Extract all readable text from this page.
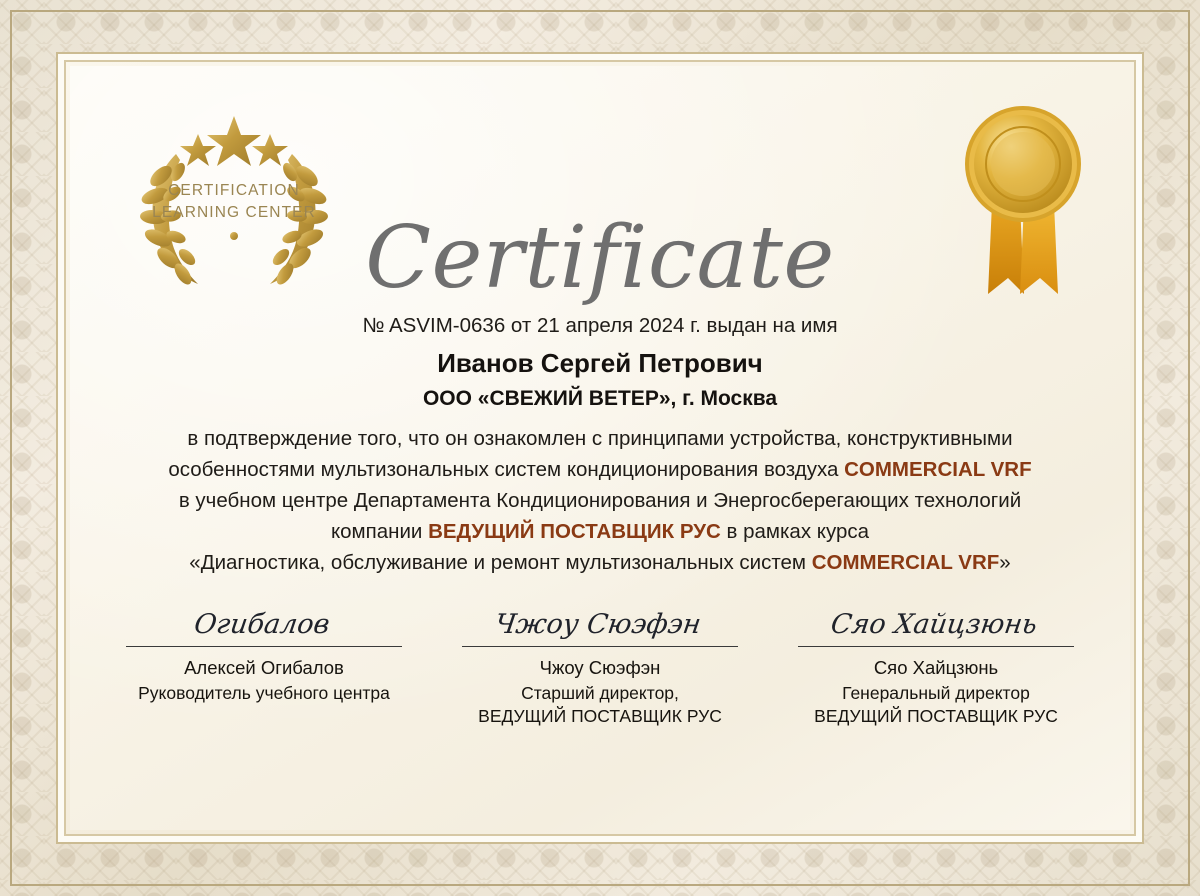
CERTIFICATION
LEARNING CENTER Certificate
№ ASVIM-0636 от 21 апреля 2024 г. выдан на имя
Иванов Сергей Петрович
ООО «СВЕЖИЙ ВЕТЕР», г. Москва
в подтверждение того, что он ознакомлен с принципами устройства, конструктивными
особенностями мультизональных систем кондиционирования воздуха COMMERCIAL VRF
в учебном центре Департамента Кондиционирования и Энергосберегающих технологий
компании ВЕДУЩИЙ ПОСТАВЩИК РУС в рамках курса
«Диагностика, обслуживание и ремонт мультизональных систем COMMERCIAL VRF»
Огибалов
Алексей Огибалов
Руководитель учебного центра
Чжоу Сюэфэн
Чжоу Сюэфэн
Старший директор,
ВЕДУЩИЙ ПОСТАВЩИК РУС
Сяо Хайцзюнь
Сяо Хайцзюнь
Генеральный директор
ВЕДУЩИЙ ПОСТАВЩИК РУС
